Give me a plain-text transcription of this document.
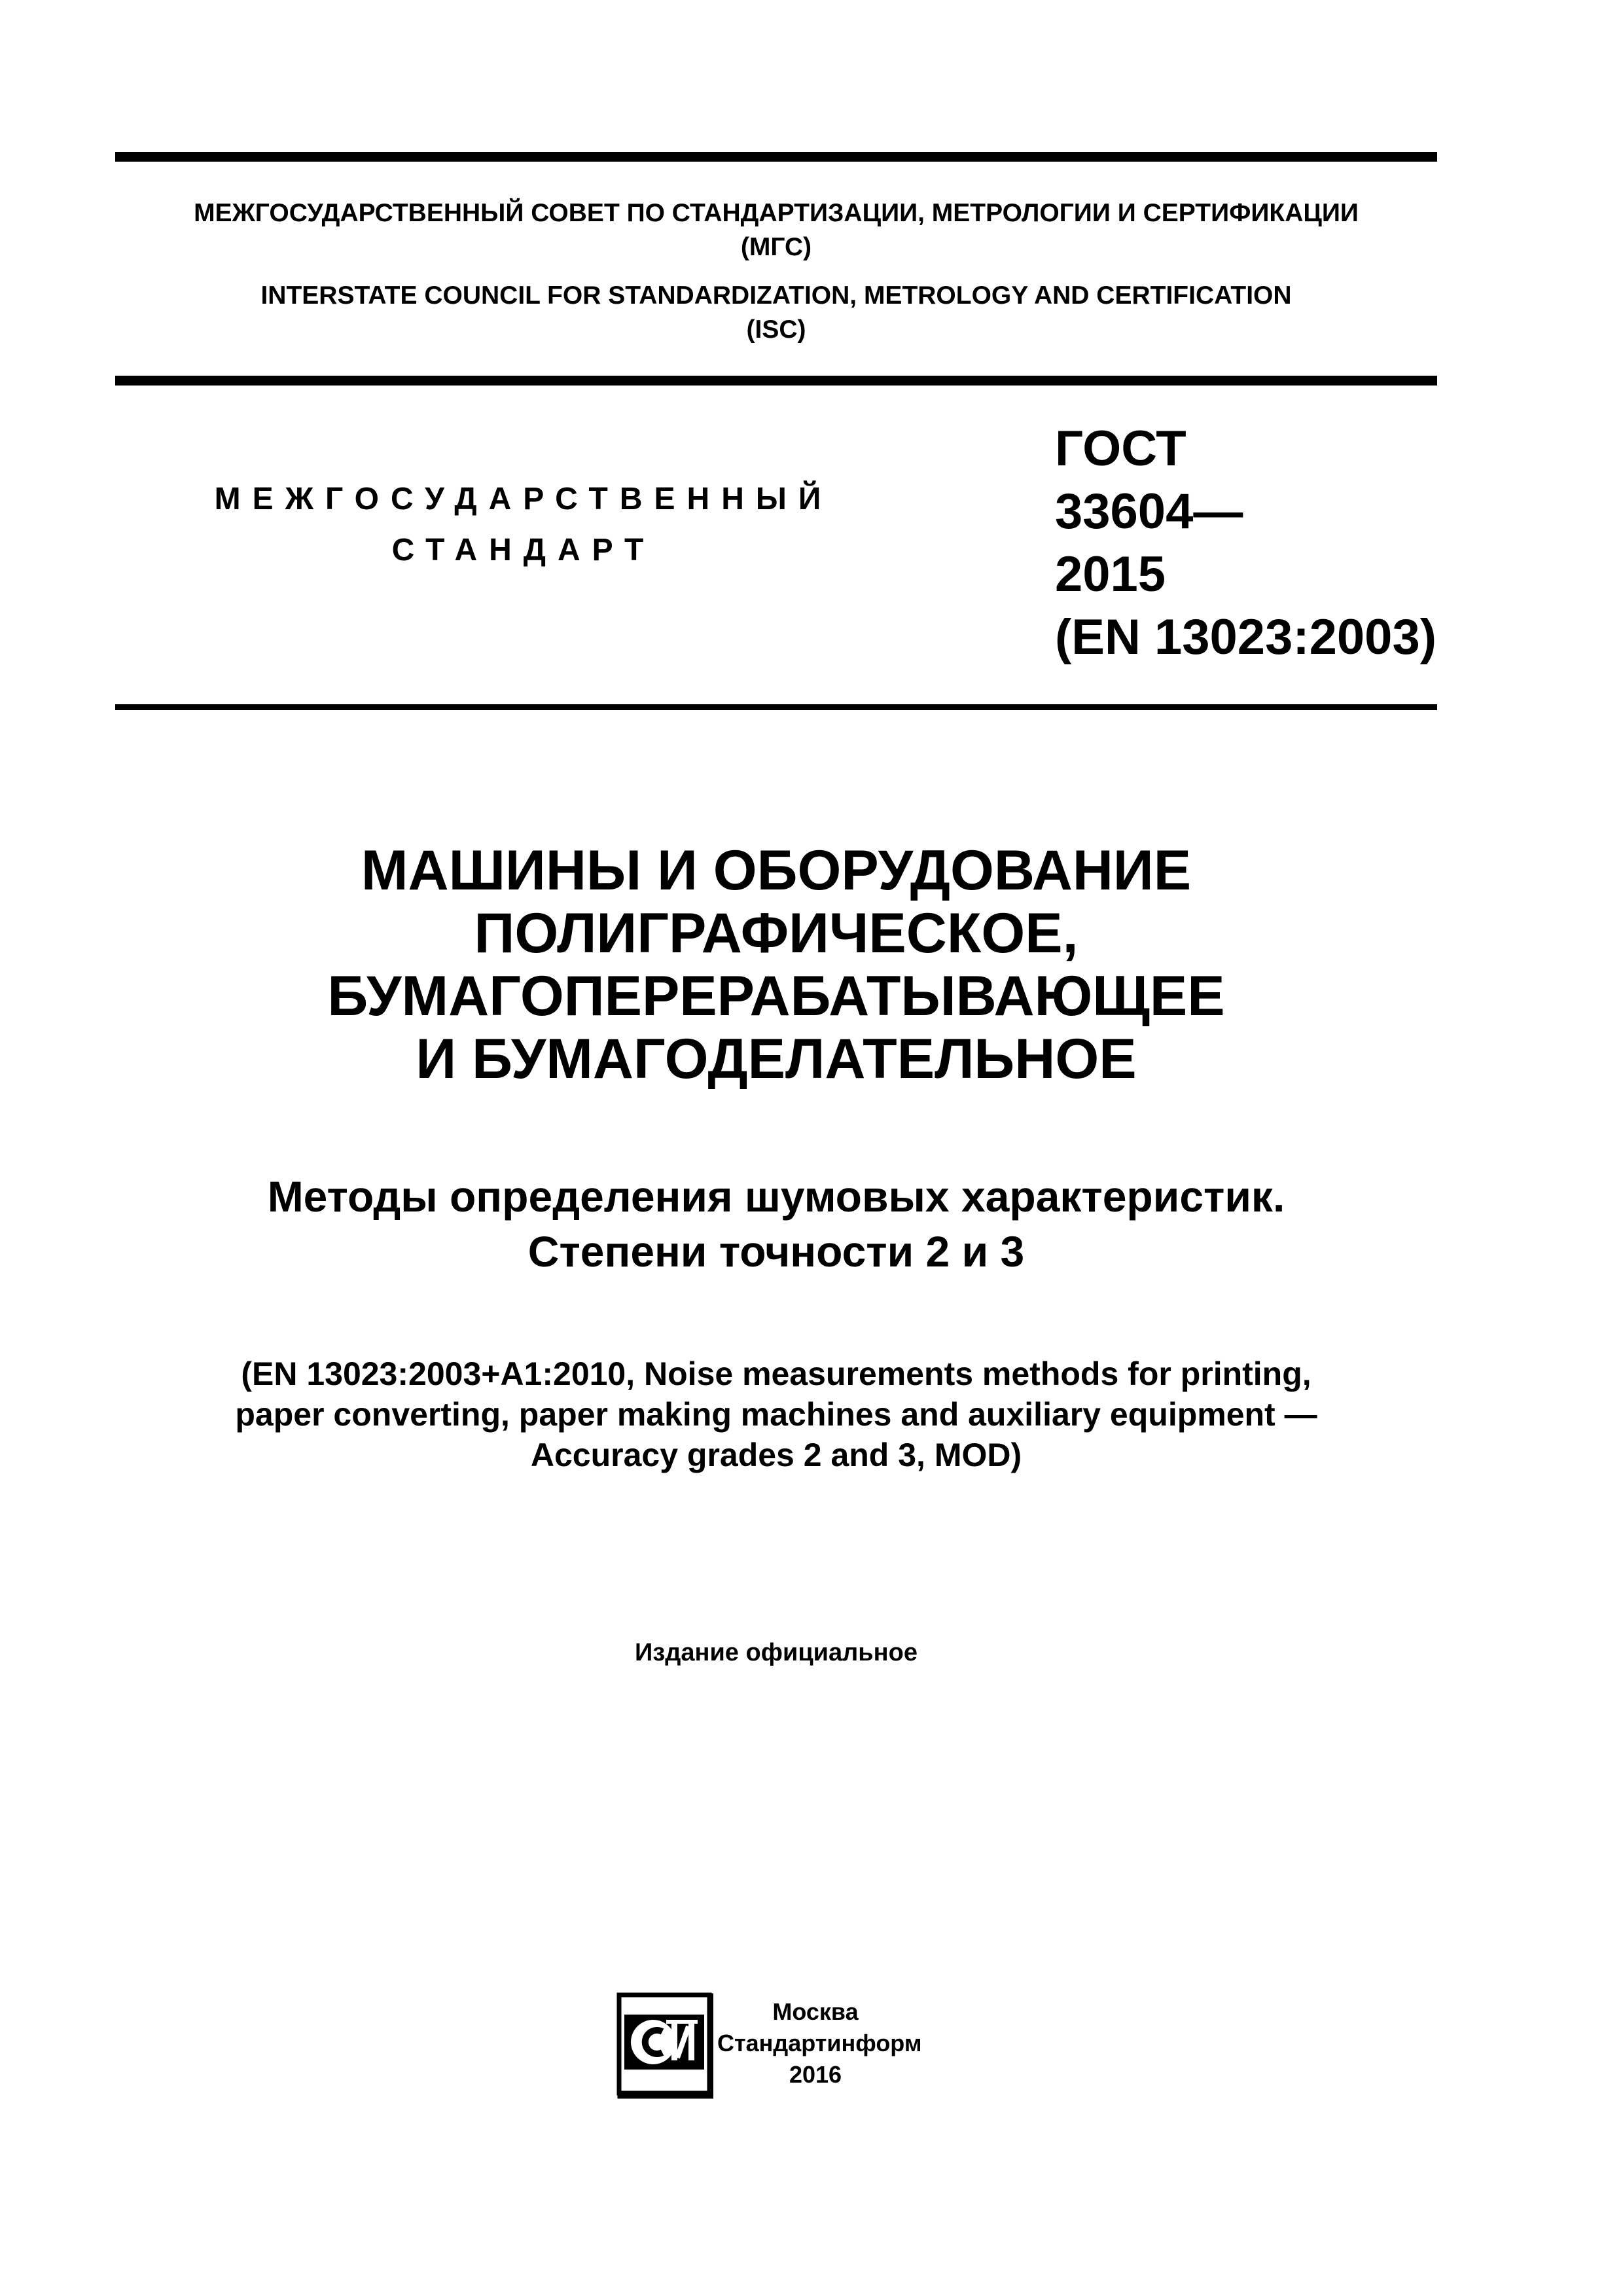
МЕЖГОСУДАРСТВЕННЫЙ СОВЕТ ПО СТАНДАРТИЗАЦИИ, МЕТРОЛОГИИ И СЕРТИФИКАЦИИ
(МГС)
INTERSTATE COUNCIL FOR STANDARDIZATION, METROLOGY AND CERTIFICATION
(ISC)
МЕЖГОСУДАРСТВЕННЫЙ
СТАНДАРТ
ГОСТ
33604—
2015
(EN 13023:2003)
МАШИНЫ И ОБОРУДОВАНИЕ
ПОЛИГРАФИЧЕСКОЕ,
БУМАГОПЕРЕРАБАТЫВАЮЩЕЕ
И БУМАГОДЕЛАТЕЛЬНОЕ
Методы определения шумовых характеристик.
Степени точности 2 и 3
(EN 13023:2003+A1:2010, Noise measurements methods for printing,
paper converting, paper making machines and auxiliary equipment —
Accuracy grades 2 and 3, MOD)
Издание официальное
Москва
Стандартинформ
2016
